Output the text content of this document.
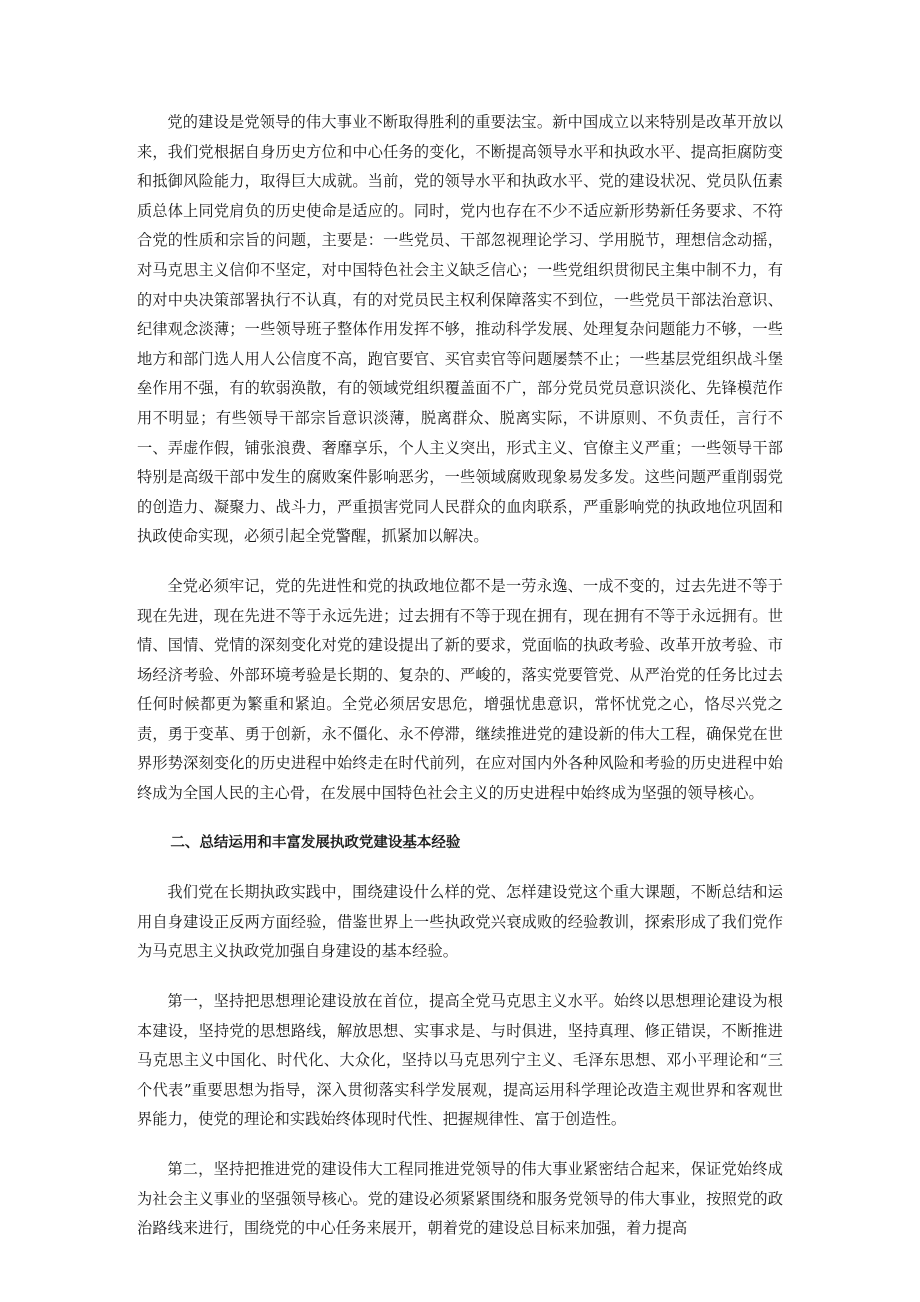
党的建设是党领导的伟大事业不断取得胜利的重要法宝。新中国成立以来特别是改革开放以来，我们党根据自身历史方位和中心任务的变化，不断提高领导水平和执政水平、提高拒腐防变和抵御风险能力，取得巨大成就。当前，党的领导水平和执政水平、党的建设状况、党员队伍素质总体上同党肩负的历史使命是适应的。同时，党内也存在不少不适应新形势新任务要求、不符合党的性质和宗旨的问题，主要是：一些党员、干部忽视理论学习、学用脱节，理想信念动摇，对马克思主义信仰不坚定，对中国特色社会主义缺乏信心；一些党组织贯彻民主集中制不力，有的对中央决策部署执行不认真，有的对党员民主权利保障落实不到位，一些党员干部法治意识、纪律观念淡薄；一些领导班子整体作用发挥不够，推动科学发展、处理复杂问题能力不够，一些地方和部门选人用人公信度不高，跑官要官、买官卖官等问题屡禁不止；一些基层党组织战斗堡垒作用不强，有的软弱涣散，有的领域党组织覆盖面不广，部分党员党员意识淡化、先锋模范作用不明显；有些领导干部宗旨意识淡薄，脱离群众、脱离实际，不讲原则、不负责任，言行不一、弄虚作假，铺张浪费、奢靡享乐，个人主义突出，形式主义、官僚主义严重；一些领导干部特别是高级干部中发生的腐败案件影响恶劣，一些领域腐败现象易发多发。这些问题严重削弱党的创造力、凝聚力、战斗力，严重损害党同人民群众的血肉联系，严重影响党的执政地位巩固和执政使命实现，必须引起全党警醒，抓紧加以解决。

全党必须牢记，党的先进性和党的执政地位都不是一劳永逸、一成不变的，过去先进不等于现在先进，现在先进不等于永远先进；过去拥有不等于现在拥有，现在拥有不等于永远拥有。世情、国情、党情的深刻变化对党的建设提出了新的要求，党面临的执政考验、改革开放考验、市场经济考验、外部环境考验是长期的、复杂的、严峻的，落实党要管党、从严治党的任务比过去任何时候都更为繁重和紧迫。全党必须居安思危，增强忧患意识，常怀忧党之心，恪尽兴党之责，勇于变革、勇于创新，永不僵化、永不停滞，继续推进党的建设新的伟大工程，确保党在世界形势深刻变化的历史进程中始终走在时代前列，在应对国内外各种风险和考验的历史进程中始终成为全国人民的主心骨，在发展中国特色社会主义的历史进程中始终成为坚强的领导核心。

二、总结运用和丰富发展执政党建设基本经验

我们党在长期执政实践中，围绕建设什么样的党、怎样建设党这个重大课题，不断总结和运用自身建设正反两方面经验，借鉴世界上一些执政党兴衰成败的经验教训，探索形成了我们党作为马克思主义执政党加强自身建设的基本经验。

第一，坚持把思想理论建设放在首位，提高全党马克思主义水平。始终以思想理论建设为根本建设，坚持党的思想路线，解放思想、实事求是、与时俱进，坚持真理、修正错误，不断推进马克思主义中国化、时代化、大众化，坚持以马克思列宁主义、毛泽东思想、邓小平理论和“三个代表”重要思想为指导，深入贯彻落实科学发展观，提高运用科学理论改造主观世界和客观世界能力，使党的理论和实践始终体现时代性、把握规律性、富于创造性。

第二，坚持把推进党的建设伟大工程同推进党领导的伟大事业紧密结合起来，保证党始终成为社会主义事业的坚强领导核心。党的建设必须紧紧围绕和服务党领导的伟大事业，按照党的政治路线来进行，围绕党的中心任务来展开，朝着党的建设总目标来加强，着力提高
